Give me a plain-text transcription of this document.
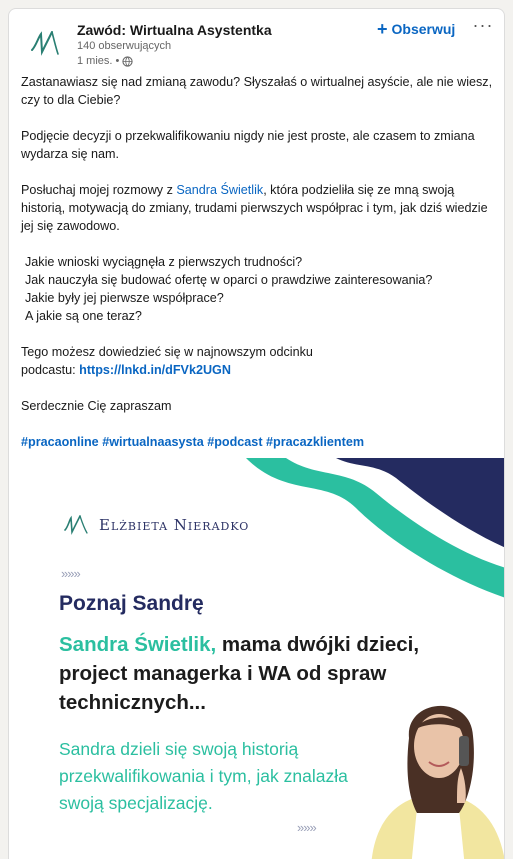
Zawód: Wirtualna Asystentka
140 obserwujących
1 mies. •
+ Obserwuj ···

Zastanawiasz się nad zmianą zawodu? Słyszałaś o wirtualnej asyście, ale nie wiesz, czy to dla Ciebie?

Podjęcie decyzji o przekwalifikowaniu nigdy nie jest proste, ale czasem to zmiana wydarza się nam.

Posłuchaj mojej rozmowy z Sandra Świetlik, która podzieliła się ze mną swoją historią, motywacją do zmiany, trudami pierwszych współprac i tym, jak dziś wiedzie jej się zawodowo.

Jakie wnioski wyciągnęła z pierwszych trudności?

Jak nauczyła się budować ofertę w oparci o prawdziwe zainteresowania?

Jakie były jej pierwsze współprace?

A jakie są one teraz?

Tego możesz dowiedzieć się w najnowszym odcinku

podcastu: https://lnkd.in/dFVk2UGN

Serdecznie Cię zapraszam

#pracaonline #wirtualnaasysta #podcast #pracazklientem

Elżbieta Nieradko
»»»
Poznaj Sandrę
Sandra Świetlik, mama dwójki dzieci, project managerka i WA od spraw technicznych...
Sandra dzieli się swoją historią przekwalifikowania i tym, jak znalazła swoją specjalizację.
»»»
